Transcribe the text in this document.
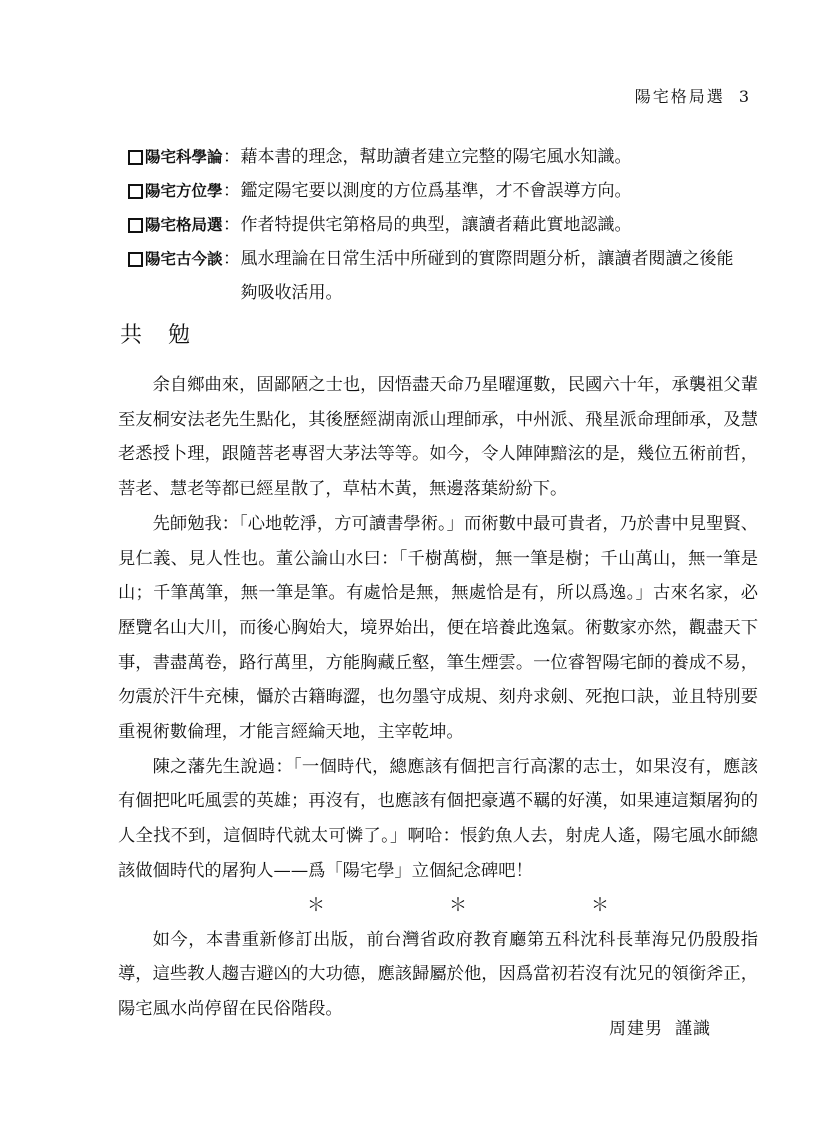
陽宅格局選 3
陽宅科學論 ： 藉本書的理念，幫助讀者建立完整的陽宅風水知識。
陽宅方位學 ： 鑑定陽宅要以測度的方位爲基準，才不會誤導方向。
陽宅格局選 ： 作者特提供宅第格局的典型，讓讀者藉此實地認識。
陽宅古今談 ： 風水理論在日常生活中所碰到的實際問題分析，讓讀者閱讀之後能夠吸收活用。
共勉

余自鄉曲來，固鄙陋之士也，因悟盡天命乃星曜運數，民國六十年，承襲祖父輩至友桐安法老先生點化，其後歷經湖南派山理師承，中州派、飛星派命理師承，及慧老悉授卜理，跟隨菩老專習大茅法等等。如今，令人陣陣黯泫的是，幾位五術前哲，菩老、慧老等都已經星散了，草枯木黃，無邊落葉紛紛下。

先師勉我：「心地乾淨，方可讀書學術。」而術數中最可貴者，乃於書中見聖賢、見仁義、見人性也。董公論山水曰：「千樹萬樹，無一筆是樹；千山萬山，無一筆是山；千筆萬筆，無一筆是筆。有處恰是無，無處恰是有，所以爲逸。」古來名家，必歷覽名山大川，而後心胸始大，境界始出，便在培養此逸氣。術數家亦然，觀盡天下事，書盡萬卷，路行萬里，方能胸藏丘壑，筆生煙雲。一位睿智陽宅師的養成不易，勿震於汗牛充棟，懾於古籍晦澀，也勿墨守成規、刻舟求劍、死抱口訣，並且特別要重視術數倫理，才能言經綸天地，主宰乾坤。

陳之藩先生說過：「一個時代，總應該有個把言行高潔的志士，如果沒有，應該有個把叱吒風雲的英雄；再沒有，也應該有個把豪邁不羈的好漢，如果連這類屠狗的人全找不到，這個時代就太可憐了。」啊哈：悵釣魚人去，射虎人遙，陽宅風水師總該做個時代的屠狗人——爲「陽宅學」立個紀念碑吧！

＊	＊	＊

如今，本書重新修訂出版，前台灣省政府教育廳第五科沈科長華海兄仍殷殷指導，這些教人趨吉避凶的大功德，應該歸屬於他，因爲當初若沒有沈兄的領銜斧正，陽宅風水尚停留在民俗階段。

周建男 謹識
